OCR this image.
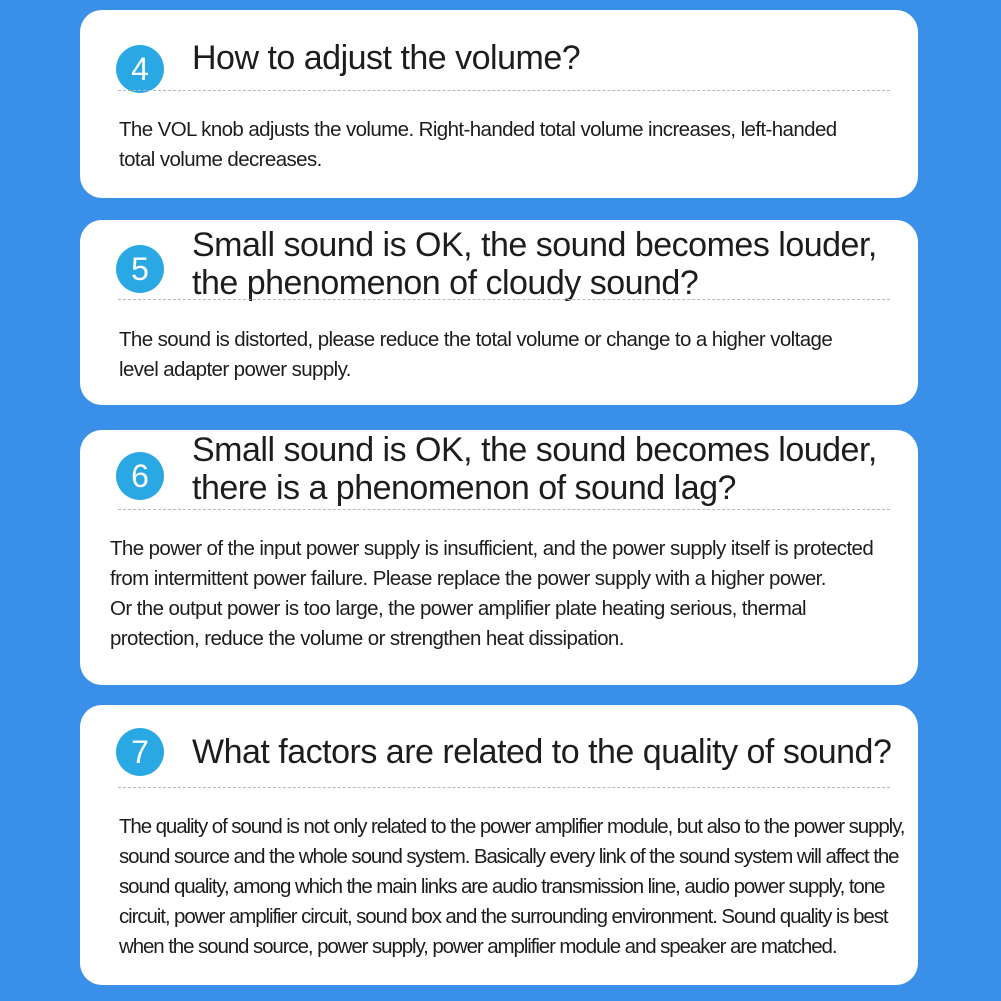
4	How to adjust the volume?
The VOL knob adjusts the volume. Right-handed total volume increases, left-handed
total volume decreases.
5
Small sound is OK, the sound becomes louder,
the phenomenon of cloudy sound?
The sound is distorted, please reduce the total volume or change to a higher voltage
level adapter power supply.
6
Small sound is OK, the sound becomes louder,
there is a phenomenon of sound lag?
The power of the input power supply is insufficient, and the power supply itself is protected
from intermittent power failure. Please replace the power supply with a higher power.
Or the output power is too large, the power amplifier plate heating serious, thermal
protection, reduce the volume or strengthen heat dissipation.
7	What factors are related to the quality of sound?
The quality of sound is not only related to the power amplifier module, but also to the power supply,
sound source and the whole sound system. Basically every link of the sound system will affect the
sound quality, among which the main links are audio transmission line, audio power supply, tone
circuit, power amplifier circuit, sound box and the surrounding environment. Sound quality is best
when the sound source, power supply, power amplifier module and speaker are matched.
